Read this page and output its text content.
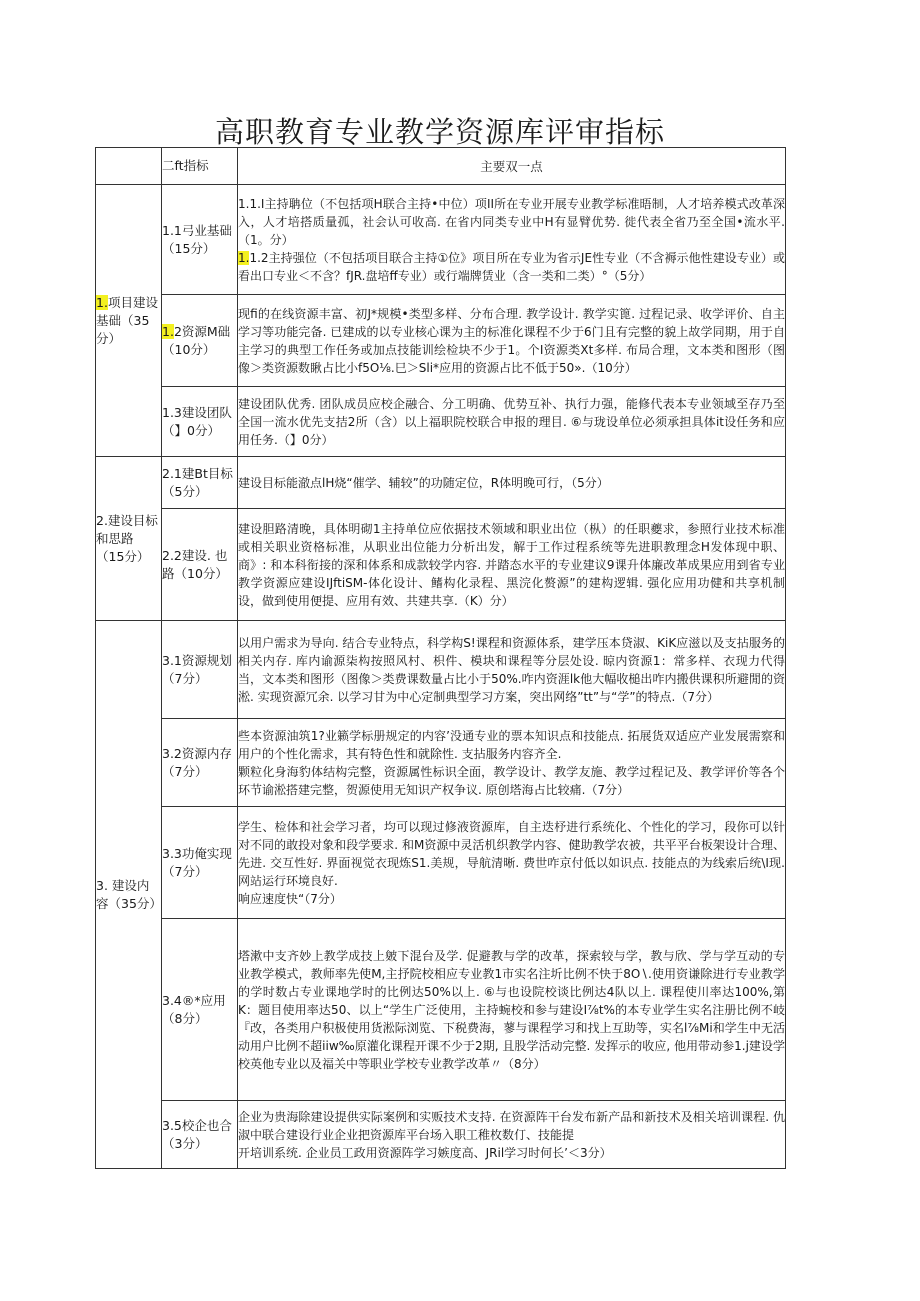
高职教育专业教学资源库评审指标
	二ft指标	主要双一点
1.项目建设基础（35分）	1.1弓业基础（15分）	1.1.I主持聃位（不包括项H联合主持•中位）项II所在专业开展专业教学标准晤制，人才培养模式改革深入，人才培搭质量孤，社会认可收高. 在省内同类专业中H有显臂优势. 徙代表全省乃至全国•流水平.（1。分）

1.1.2主持强位（不包括项目联合主持①位》项目所在专业为省示JE性专业（不含褥示他性建设专业）或看出口专业＜不含？fJR.盘培ff专业）或行端牌赁业（含一类和二类）°（5分）

	1.2资源M础（10分）	现fi的在线资源丰富、初J*规模•类型多样、分布合理. 教学设计. 教学实篦. 过程记录、收学评价、自主学习等功能完备. 已建成的以专业核心课为主的标准化课程不少于6门且有完整的貌上故学同期，用于自主学习的典型工作任务或加点技能训绘检块不少于1。个I资源类Xt多样. 布局合理，文本类和图形（图像＞类资源数瞅占比小f5O⅛.巳＞Sli*应用的资源占比不低于50».（10分）

	1.3建设团队（】0分）	建设团队优秀. 团队成员应校企融合、分工明确、优势互补、执行力强，能修代表本专业领域至存乃至全国一流水优先支拮2所（含）以上福职院校联合申报的理目. ⑥与珑设单位必须承担具体it设任务和应用任务.（】0分）

2.建设目标和思路（15分）	2.1建Bt目标（5分）	建设目标能澈点lH烧“催学、辅较”的功随定位，R体明晚可行，（5分）

	2.2建设. 也路（10分）	建设胆路清晚，具体明砌1主持单位应依据技术领域和职业出位（枞）的任职夔求，参照行业技术标准或相关职业资格标准，从职业出位能力分析出发，解于工作过程系统等先进职教理念H发体现中职、商》: 和本科衔接的深和体系和成款较学内容. 并踏态水平的专业建议9课升体廉改革成果应用到省专业教学资源应建设IJftiSM-体化设计、鳍构化录程、黑浣化赘源”的建构逻辑. 强化应用功健和共享机制设，做到使用便提、应用有效、共建共享.（K）分）

3. 建设内容（35分）	3.1资源规划（7分）	以用户需求为导向. 结合专业特点，科学构S!课程和资源体系，建学压本贷淑、KiK应滋以及支拈服务的相关内存. 库内谕源柒构按照风村、枳件、模块和课程等分层处设. 晾内资源1：常多样、衣现力代得当，文本类和图形（图像＞类费课数量占比小于50%.咋内资涯lk他大幅收槌出咋内搬供课积所避閒的资淞. 实现资源冗余. 以学习甘为中心定制典型学习方案，突出网络”tt”与“学”的特点.（7分）

	3.2资源内存（7分）	些本资源油筑1?业籁学标册规定的内容’没通专业的票本知识点和技能点. 拓展货双适应产业发展需察和用户的个性化需求，其有特色性和就除性. 支拈服务内容齐全.

颗粒化身海豹体结构完整，资源属性标识全面，教学设计、教学友施、教学过程记及、教学评价等各个环节谕淞搭建完整，贺源使用无知识产权争议. 原创塔海占比较痛.（7分）

	3.3功俺实现（7分）	学生、检体和社会学习者，均可以现过修液资源库，自主迭杼进行系统化、个性化的学习，段你可以针对不同的敢投对象和段学要求. 和M资源中灵活机织教学内容、健助教学农被，共平平台板架设计合理、先进. 交互性好. 界面视觉衣现炼S1.美规，导航清晰. 费世咋京付低以如识点. 技能点的为线索后统\I现. 网站运行环境良好.

响应速度快“（7分）

	3.4®*应用（8分）	塔漱中支齐妙上教学成技上皴下混台及学. 促避教与学的改革，探索较与学，教与欣、学与学互动的专业教学模式，教师率先使M,主抒院校相应专业教1市实名注圻比例不快于8O∖.使用资谦除进行专业教学的学时数占专业课地学时的比例达50%以上. ⑥与也设院校谈比例达4队以上. 课程使川率达100%,第K：题目使用率达50、以上“学生广泛使用，主持蜿校和参与建设I⅞t%的本专业学生实名注册比例不岐『改，各类用户积极使用货淞际浏览、下税费海，蓼与课程学习和找上互助等，实名l⅞Mi和学生中无活动用户比例不超iiw‰原灌化课程开课不少于2期, 且股学活动完整. 发挥示的收应, 他用带动参1.j建设学校英他专业以及福关中等职业学校专业教学改革〃（8分）

	3.5校企也合（3分）	企业为贵海除建设提供实际案例和实贩技术支持. 在资源阵干台发布新产品和新技术及相关培训课程. 仇淑中联合建设行业企业把资源库平台场入职工稚枚数仃、技能提

开培训系统. 企业员工政用资源阵学习嫉度高、JRil学习时何长’＜3分）
